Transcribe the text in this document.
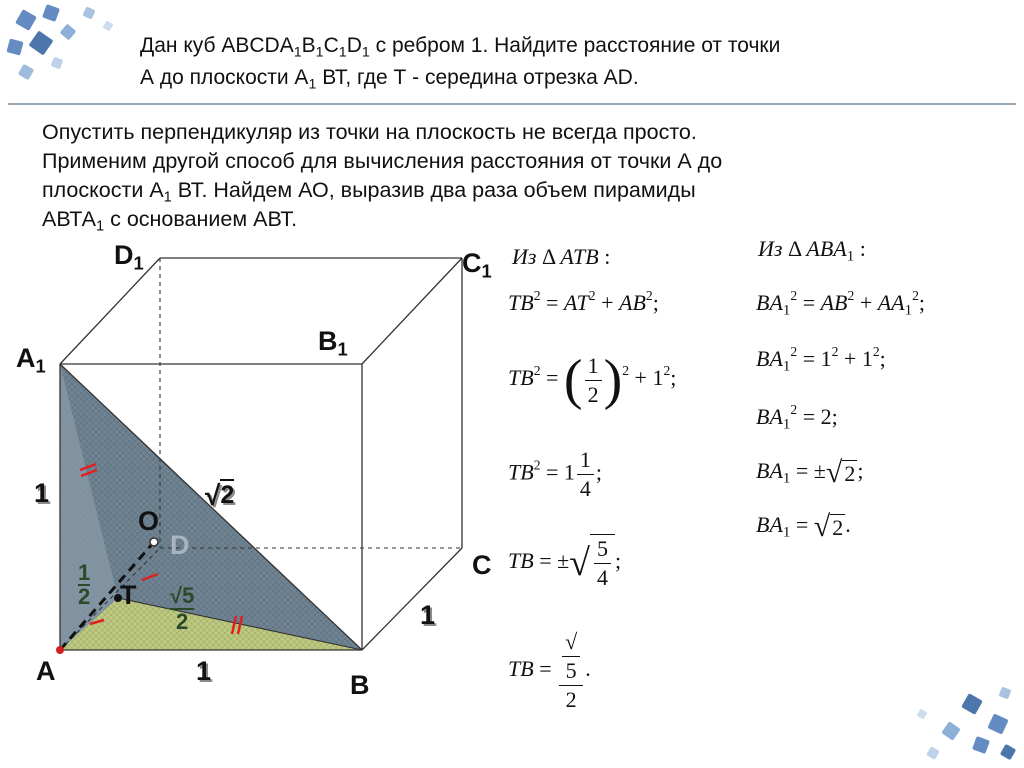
Дан куб $ABCDA_1B_1C_1D_1$ с ребром 1. Найдите расстояние от точки
А до плоскости $А_1$ ВТ, где Т - середина отрезка AD.
Опустить перпендикуляр из точки на плоскость не всегда просто.
Применим другой способ для вычисления расстояния от точки А до
плоскости $А_1$ ВТ. Найдем АО, выразив два раза объем пирамиды
$АВТА_1$ с основанием АВТ.
$D_1$	$C_1$
$B_1$
$A_1$
1
C
1
A	1	B
O
D
T
√2
1
2	√5
2
Из Δ ATB :
$TB^2 = AT^2 + AB^2$;
$TB^2$ = ( $\frac{1}{2} )^2 + 1^2$;
$TB^2 = 1 \frac{1}{4}$ ;
TB = ±√ $\frac{5}{4}$ ;
TB = √
5
2 .
Из Δ $ABA_1$ :
$BA_1^2 = AB^2 + AA_1^2$;
$BA_1^2 = 1^2 + 1^2$;
$BA_1^2 = 2$;
$BA_1 = \pm√2$;
$BA_1 = √2$.
